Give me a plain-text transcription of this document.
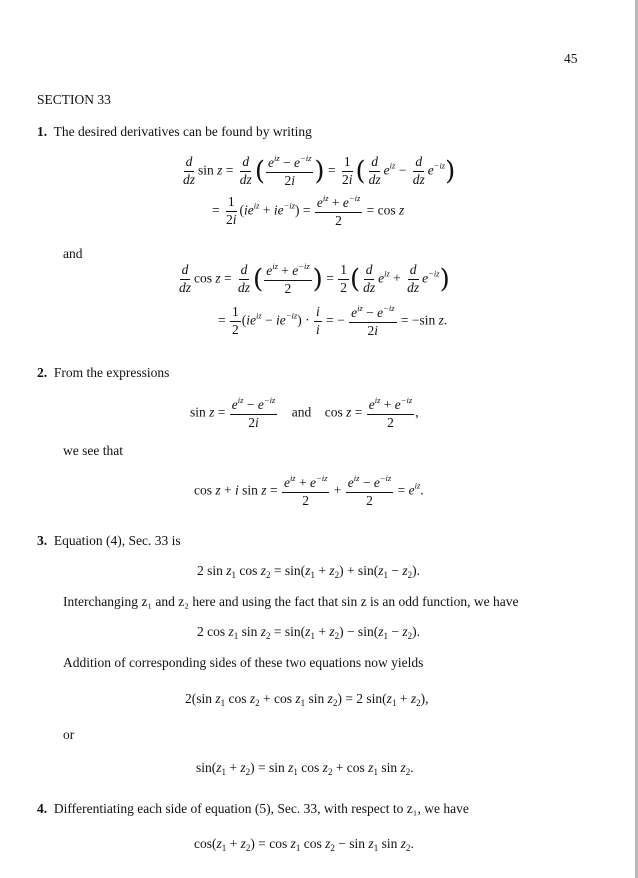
45
SECTION 33
1. The desired derivatives can be found by writing
$\frac{d}{dz}$ $\sin z = \frac{d}{dz}$ ( $\frac{e^{iz} - e^{-iz}}{2i}$ ) = $\frac{1}{2i}$ ( $\frac{d}{dz} e^{iz} - \frac{d}{dz} e^{-iz}$)
= $\frac{1}{2i} (ie^{iz} + ie^{-iz}) = \frac{e^{iz} + e^{-iz}}{2} = \cos z$
and
$\frac{d}{dz}$ $\cos z = \frac{d}{dz}$ ( $\frac{e^{iz} + e^{-iz}}{2}$ ) = $\frac{1}{2}$ ( $\frac{d}{dz} e^{iz} + \frac{d}{dz} e^{-iz}$)
= $\frac{1}{2} (ie^{iz} - ie^{-iz}) \cdot \frac{i}{i}$ = − $\frac{e^{iz} - e^{-iz}}{2i} = -\sin$ z.
2. From the expressions
$\sin z = \frac{e^{iz} - e^{-iz}}{2i}$ and    $\cos z = \frac{e^{iz} + e^{-iz}}{2}$ ,
we see that
cos z + i $\sin z = \frac{e^{iz} + e^{-iz}}{2} + \frac{e^{iz} - e^{-iz}}{2} = e^{iz}$.
3. Equation (4), Sec. 33 is
2 $\sin z_1$ $\cos z_2 = \sin(z_1 + z_2) + \sin(z_1 - z_2)$.
Interchanging z₁ and z₂ here and using the fact that sin z is an odd function, we have
2 $\cos z_1$ $\sin z_2 = \sin(z_1 + z_2) - \sin(z_1 - z_2)$.
Addition of corresponding sides of these two equations now yields
2(sin $z_1$ $\cos z_2 + \cos z_1$ $\sin z_2) = 2$ $\sin(z_1 + z_2)$,
or
$\sin(z_1 + z_2) = \sin z_1$ $\cos z_2 + \cos z_1$ $\sin z_2$.
4. Differentiating each side of equation (5), Sec. 33, with respect to z₁, we have
$\cos(z_1 + z_2) = \cos z_1$ $\cos z_2 - \sin z_1$ $\sin z_2$.
